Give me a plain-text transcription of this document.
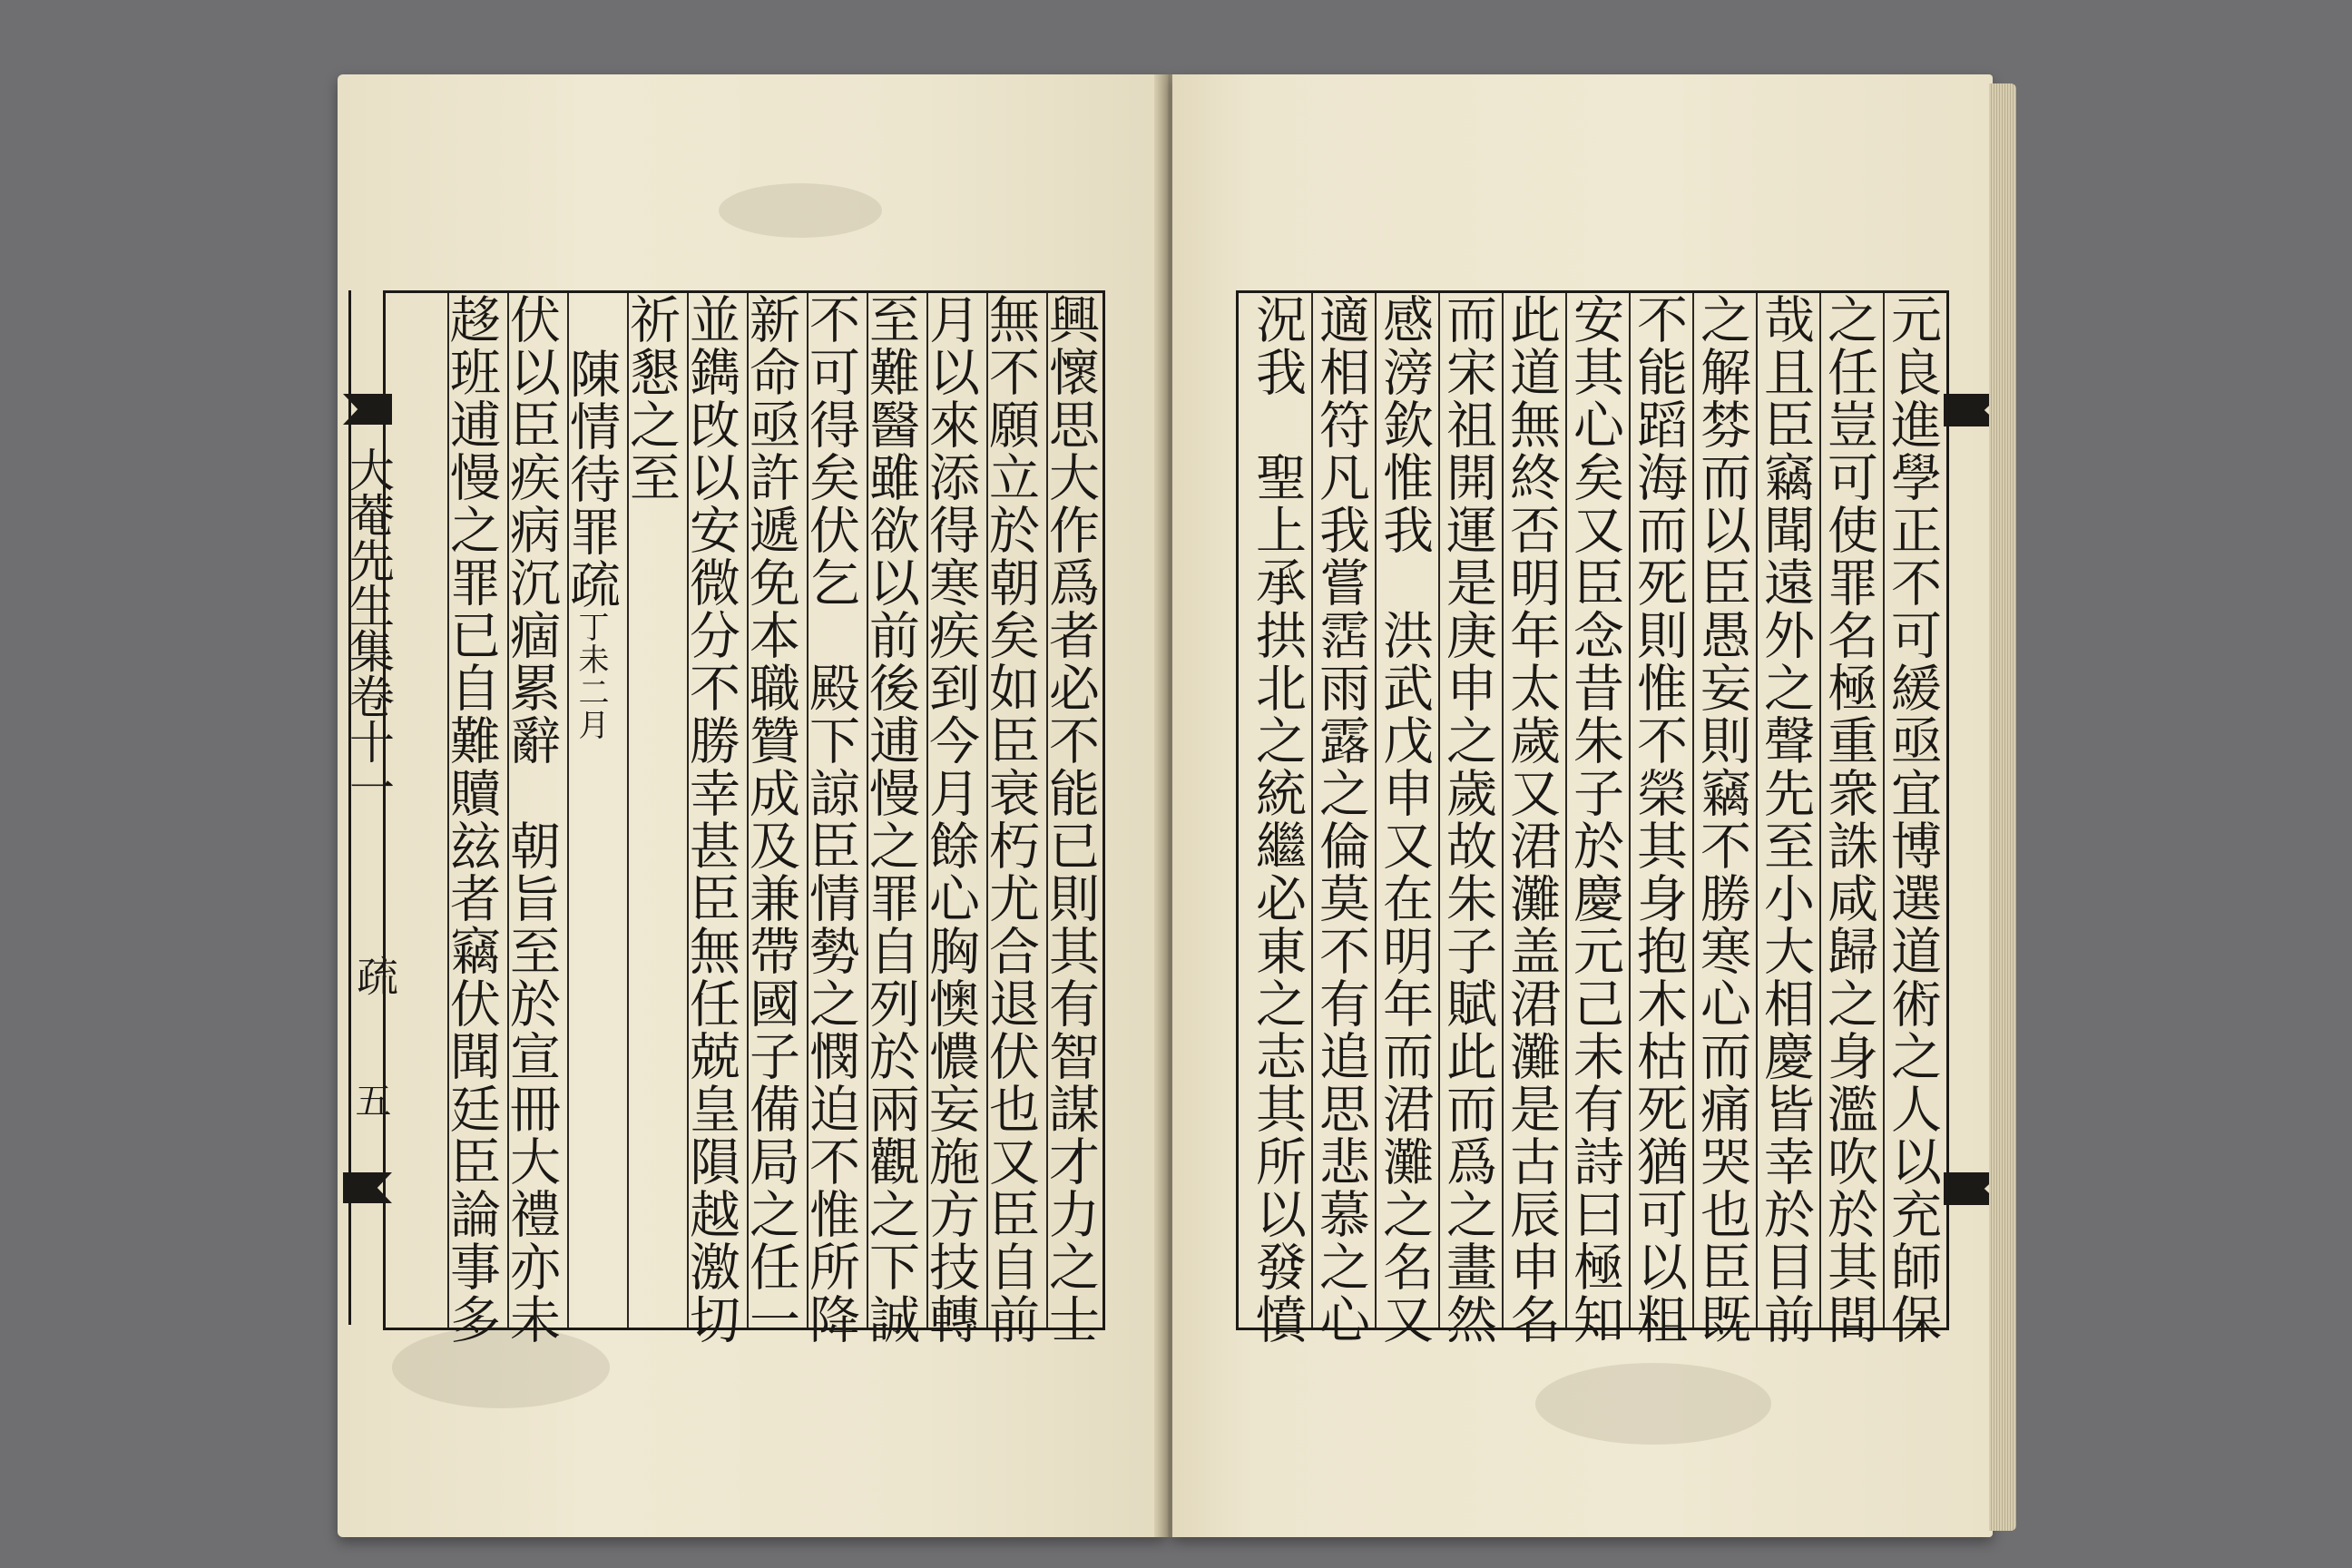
大菴先生集卷十一
疏
五	興懷思大作爲者必不能已則其有智謀才力之士
無不願立於朝矣如臣衰朽尤合退伏也又臣自前
月以來添得寒疾到今月餘心胸懊憹妄施方技轉
至難醫雖欲以前後逋慢之罪自列於兩觀之下誠
不可得矣伏乞　殿下諒臣情勢之憫迫不惟所降
新命亟許遞免本職贊成及兼帶國子備局之任一
並鐫攺以安微分不勝幸甚臣無任兢皇隕越激切
祈懇之至
陳情待罪疏丁未二月
伏以臣疾病沉痼累辭　朝旨至於宣冊大禮亦未
趍班逋慢之罪已自難贖玆者竊伏聞廷臣論事多	元良進學正不可緩亟宜博選道術之人以充師保
之任豈可使罪名極重衆誅咸歸之身濫吹於其間
哉且臣竊聞遠外之聲先至小大相慶皆幸於目前
之解棼而以臣愚妄則竊不勝寒心而痛哭也臣既
不能蹈海而死則惟不榮其身抱木枯死猶可以粗
安其心矣又臣念昔朱子於慶元己未有詩曰極知
此道無終否明年太歲又涒灘盖涒灘是古辰申名
而宋祖開運是庚申之歲故朱子賦此而爲之畫然
感滂欽惟我　洪武戊申又在明年而涒灘之名又
適相符凡我嘗霑雨露之倫莫不有追思悲慕之心
況我　聖上承拱北之統繼必東之志其所以發憤
